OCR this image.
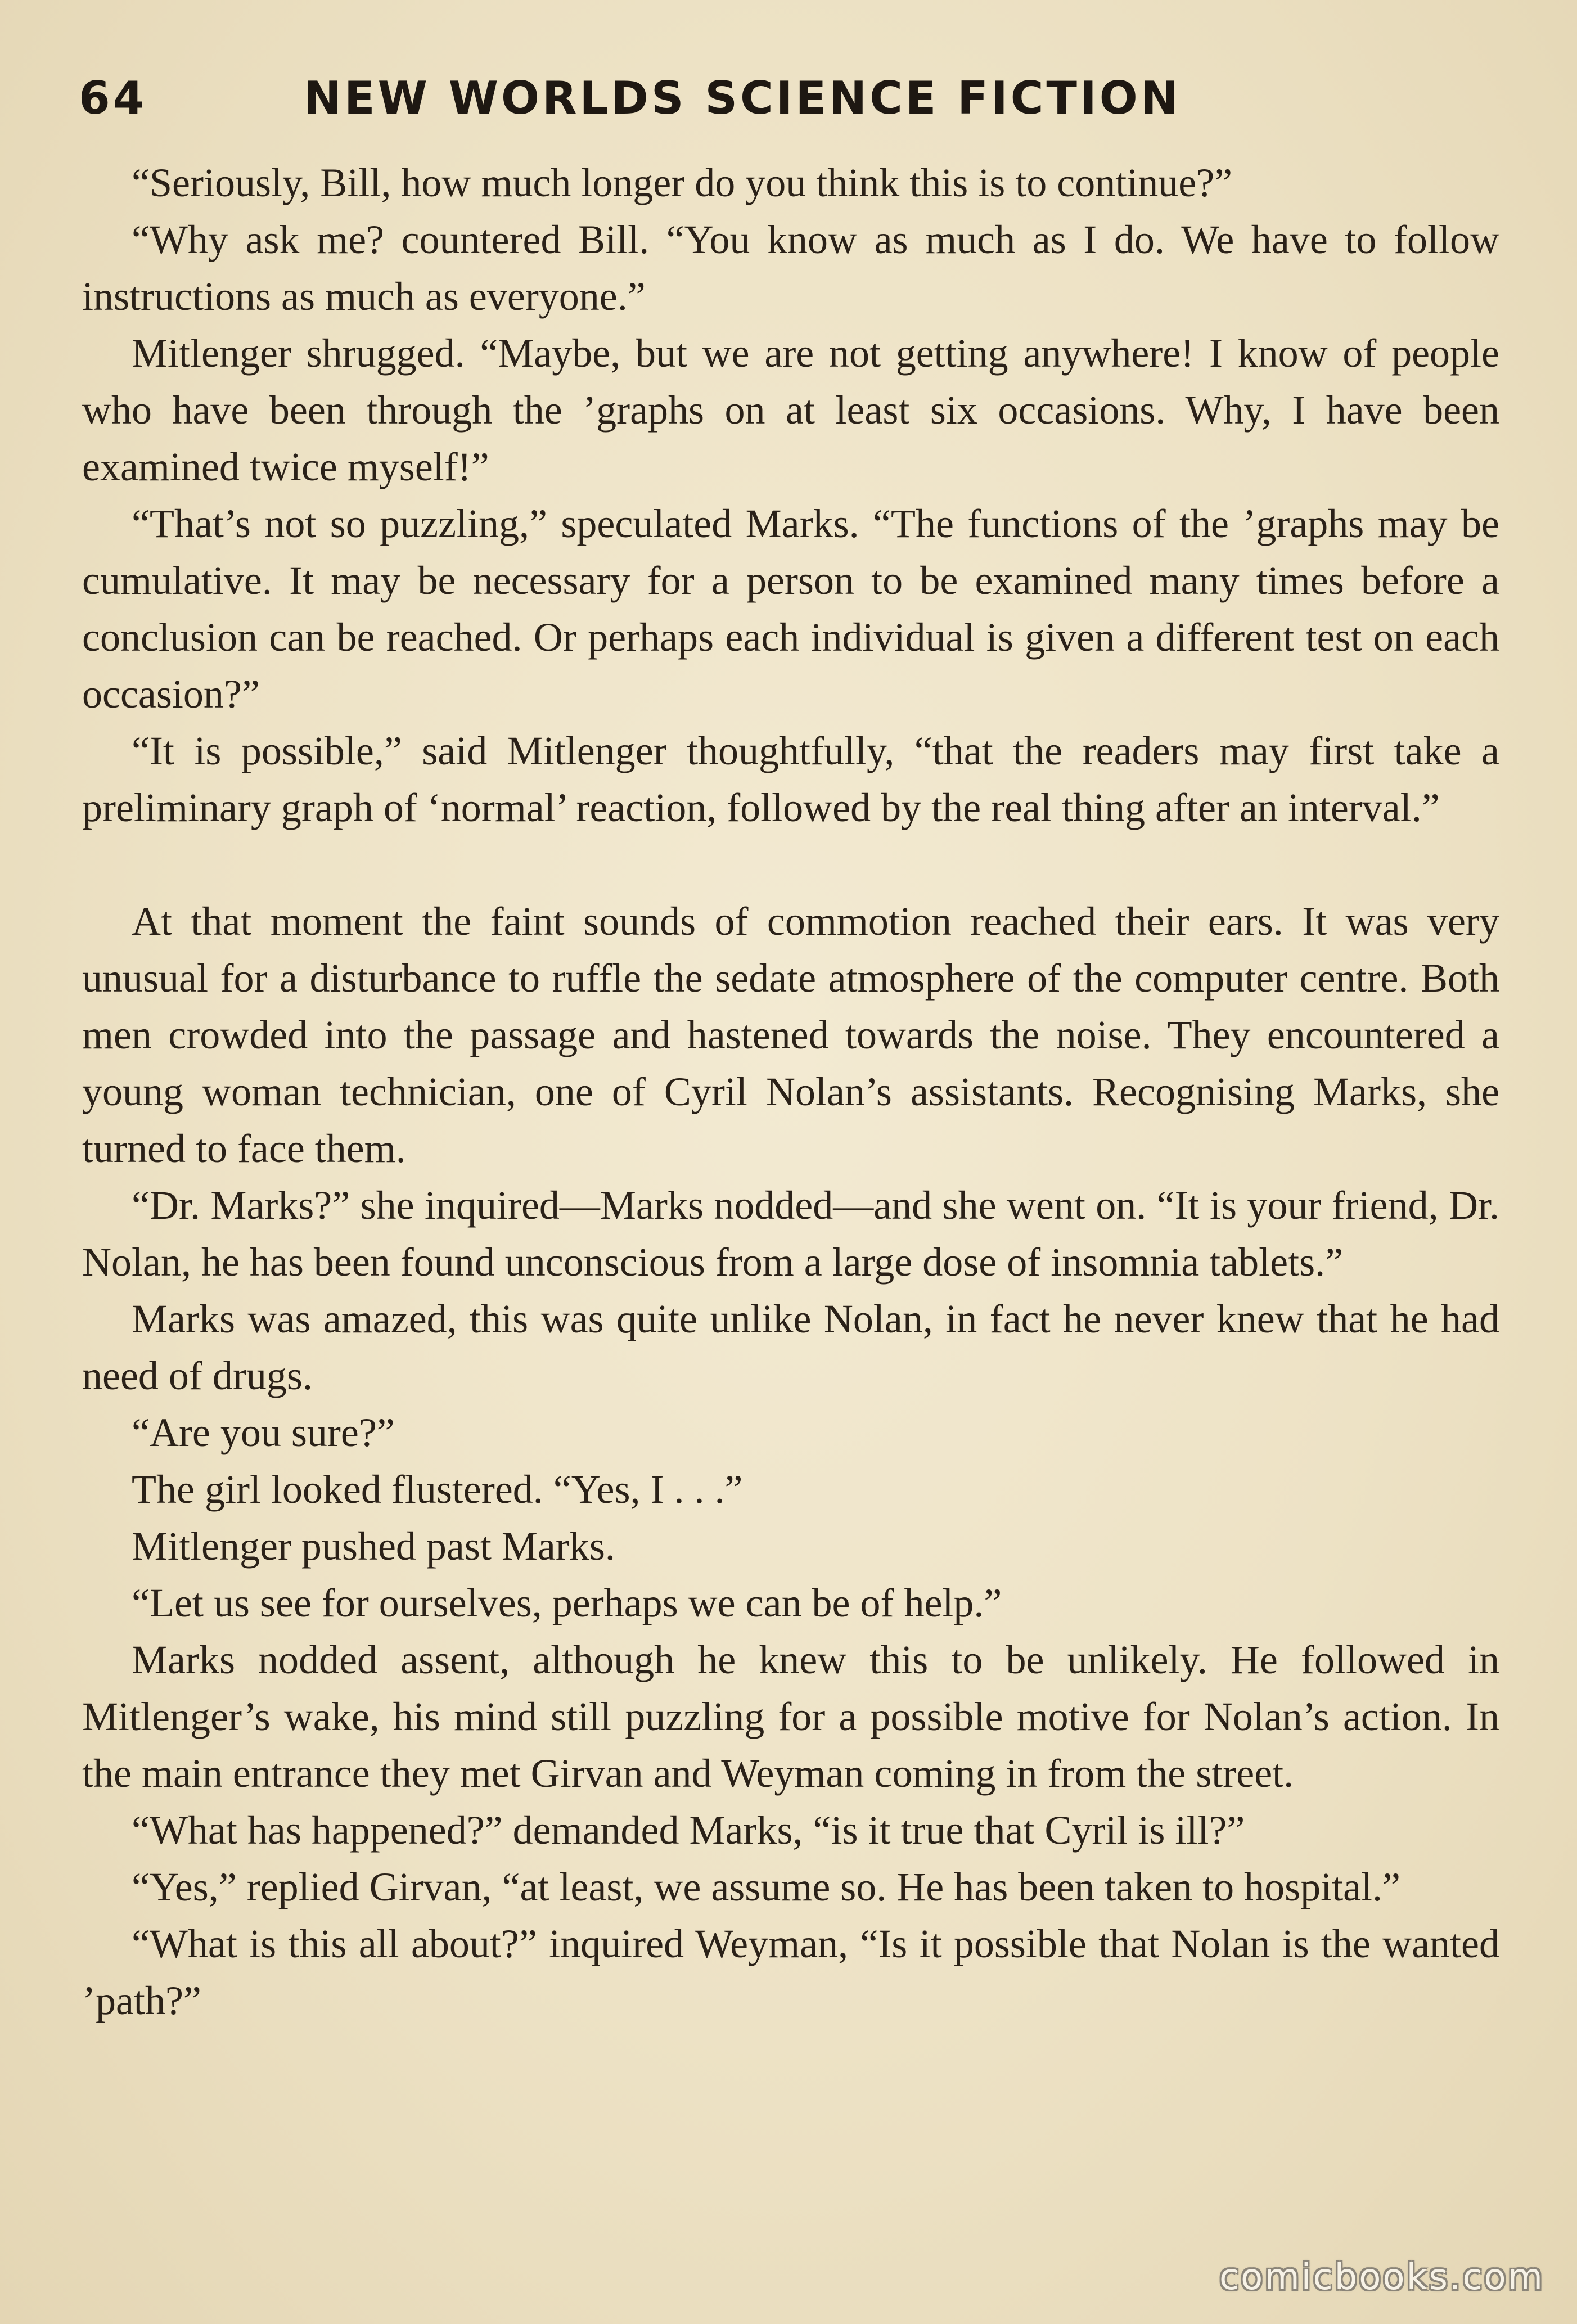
64	NEW WORLDS SCIENCE FICTION

“Seriously, Bill, how much longer do you think this is to continue?”

“Why ask me? countered Bill. “You know as much as I do. We have to follow instructions as much as everyone.”

Mitlenger shrugged. “Maybe, but we are not getting anywhere! I know of people who have been through the ’graphs on at least six occasions. Why, I have been examined twice myself!”

“That’s not so puzzling,” speculated Marks. “The functions of the ’graphs may be cumulative. It may be necessary for a person to be examined many times before a conclusion can be reached. Or perhaps each individual is given a different test on each occasion?”

“It is possible,” said Mitlenger thoughtfully, “that the readers may first take a preliminary graph of ‘normal’ reaction, followed by the real thing after an interval.”

At that moment the faint sounds of commotion reached their ears. It was very unusual for a disturbance to ruffle the sedate atmosphere of the computer centre. Both men crowded into the passage and hastened towards the noise. They encountered a young woman technician, one of Cyril Nolan’s assistants. Recognising Marks, she turned to face them.

“Dr. Marks?” she inquired—Marks nodded—and she went on. “It is your friend, Dr. Nolan, he has been found unconscious from a large dose of insomnia tablets.”

Marks was amazed, this was quite unlike Nolan, in fact he never knew that he had need of drugs.

“Are you sure?”

The girl looked flustered. “Yes, I . . .”

Mitlenger pushed past Marks.

“Let us see for ourselves, perhaps we can be of help.”

Marks nodded assent, although he knew this to be unlikely. He followed in Mitlenger’s wake, his mind still puzzling for a possible motive for Nolan’s action. In the main entrance they met Girvan and Weyman coming in from the street.

“What has happened?” demanded Marks, “is it true that Cyril is ill?”

“Yes,” replied Girvan, “at least, we assume so. He has been taken to hospital.”

“What is this all about?” inquired Weyman, “Is it possible that Nolan is the wanted ’path?”

comicbooks.com
